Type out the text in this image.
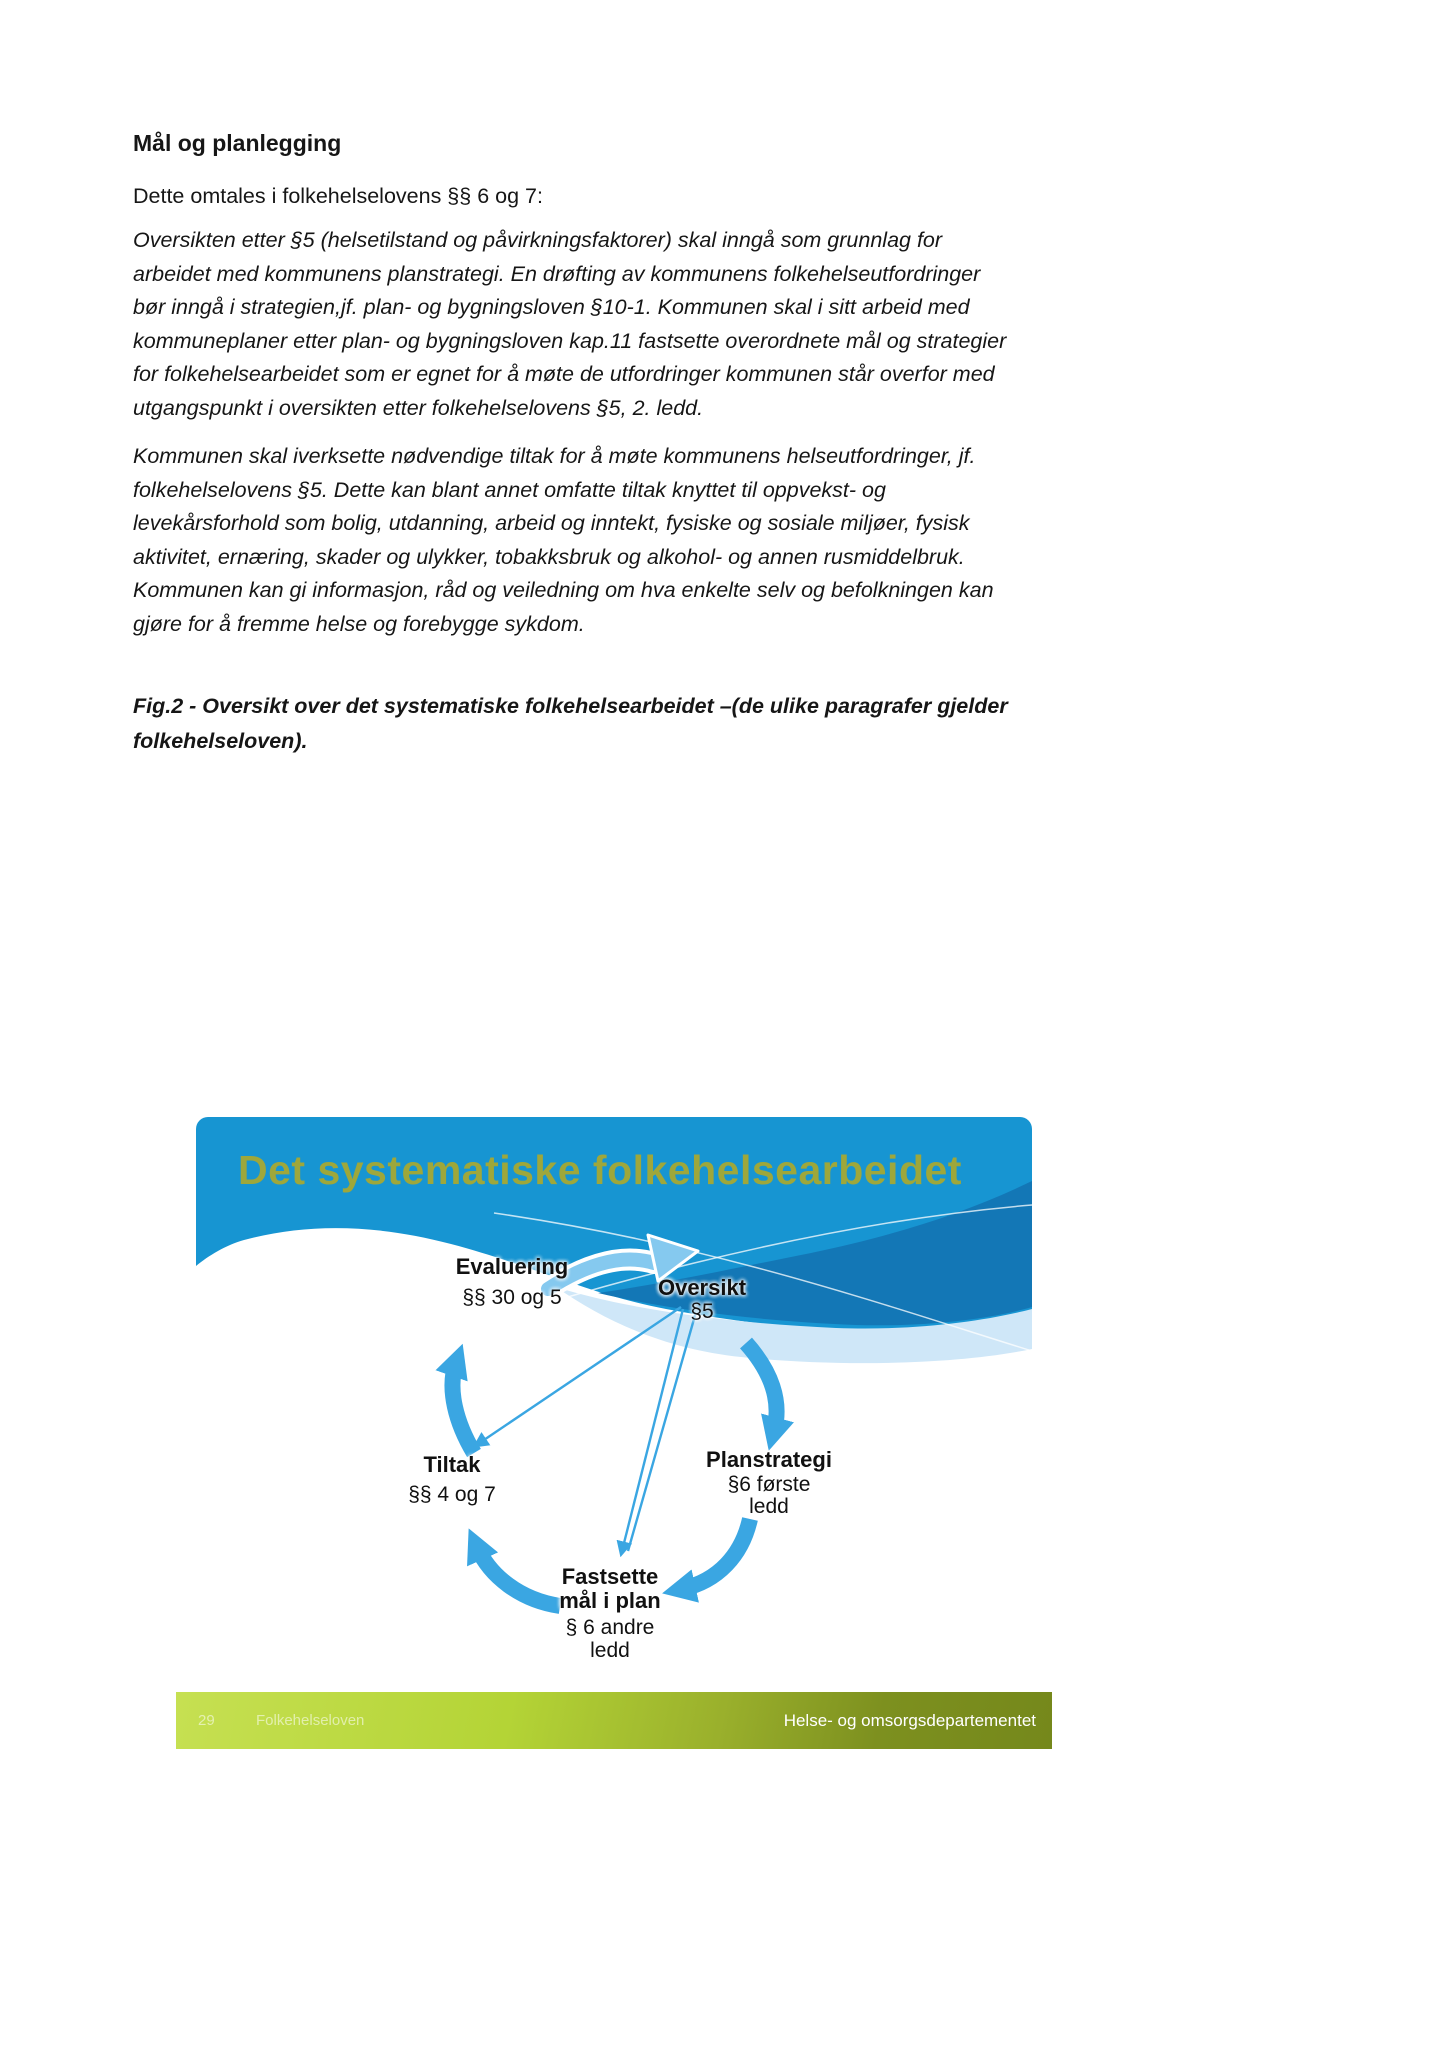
Mål og planlegging
Dette omtales i folkehelselovens §§ 6 og 7:
Oversikten etter §5 (helsetilstand og påvirkningsfaktorer) skal inngå som grunnlag for
arbeidet med kommunens planstrategi. En drøfting av kommunens folkehelseutfordringer
bør inngå i strategien,jf. plan- og bygningsloven §10-1. Kommunen skal i sitt arbeid med
kommuneplaner etter plan- og bygningsloven kap.11 fastsette overordnete mål og strategier
for folkehelsearbeidet som er egnet for å møte de utfordringer kommunen står overfor med
utgangspunkt i oversikten etter folkehelselovens §5, 2. ledd.
Kommunen skal iverksette nødvendige tiltak for å møte kommunens helseutfordringer, jf.
folkehelselovens §5. Dette kan blant annet omfatte tiltak knyttet til oppvekst- og
levekårsforhold som bolig, utdanning, arbeid og inntekt, fysiske og sosiale miljøer, fysisk
aktivitet, ernæring, skader og ulykker, tobakksbruk og alkohol- og annen rusmiddelbruk.
Kommunen kan gi informasjon, råd og veiledning om hva enkelte selv og befolkningen kan
gjøre for å fremme helse og forebygge sykdom.
Fig.2 - Oversikt over det systematiske folkehelsearbeidet –(de ulike paragrafer gjelder
folkehelseloven).
Det systematiske folkehelsearbeidet
Evaluering
§§ 30 og 5	Oversikt
§5
Tiltak
§§ 4 og 7
Planstrategi
§6 første
ledd
Fastsette
mål i plan
§ 6 andre
ledd
29	Folkehelseloven	Helse- og omsorgsdepartementet
